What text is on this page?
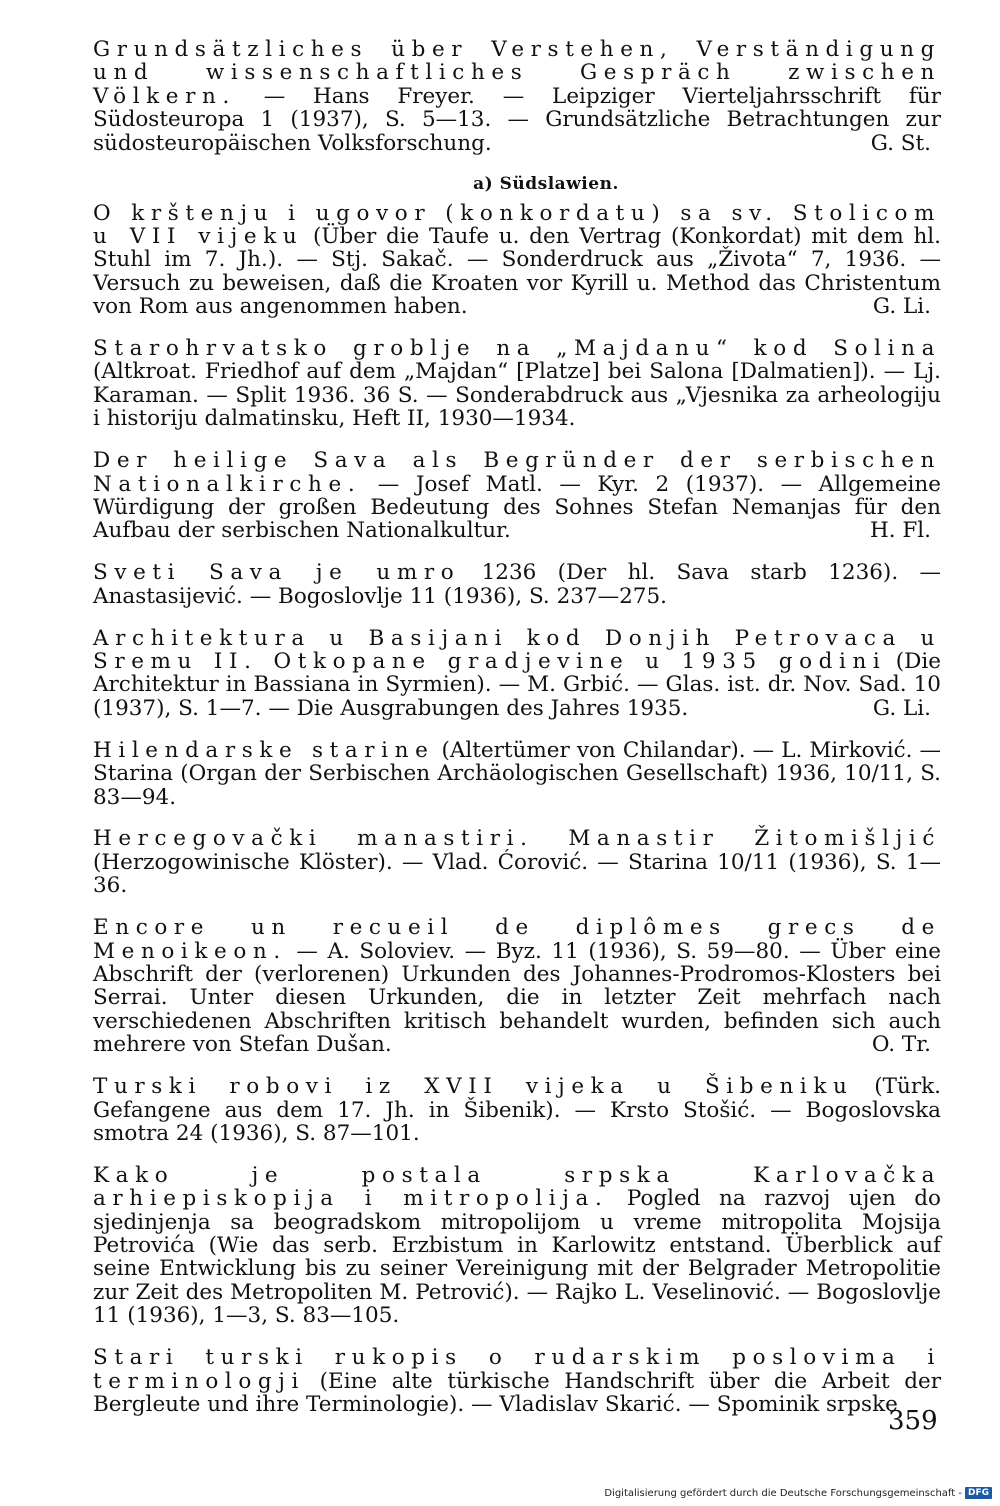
Grundsätzliches über Verstehen, Verständigung und wissenschaftliches Gespräch zwischen Völkern. — Hans Freyer. — Leipziger Vierteljahrsschrift für Südosteuropa 1 (1937), S. 5—13. — Grundsätzliche Betrachtungen zur südosteuropäischen Volksforschung.	G. St.
a) Südslawien.
O krštenju i ugovor (konkordatu) sa sv. Stolicom u VII vijeku (Über die Taufe u. den Vertrag (Konkordat) mit dem hl. Stuhl im 7. Jh.). — Stj. Sakač. — Sonderdruck aus „Života“ 7, 1936. — Versuch zu beweisen, daß die Kroaten vor Kyrill u. Method das Christentum von Rom aus angenommen haben.	G. Li.
Starohrvatsko groblje na „Majdanu“ kod Solina (Altkroat. Friedhof auf dem „Majdan“ [Platze] bei Salona [Dalmatien]). — Lj. Karaman. — Split 1936. 36 S. — Sonderabdruck aus „Vjesnika za arheologiju i historiju dalmatinsku, Heft II, 1930—1934.
Der heilige Sava als Begründer der serbischen Nationalkirche. — Josef Matl. — Kyr. 2 (1937). — Allgemeine Würdigung der großen Bedeutung des Sohnes Stefan Nemanjas für den Aufbau der serbischen Nationalkultur.	H. Fl.
Sveti Sava je umro 1236 (Der hl. Sava starb 1236). — Anastasijević. — Bogoslovlje 11 (1936), S. 237—275.
Architektura u Basijani kod Donjih Petrovaca u Sremu II. Otkopane gradjevine u 1935 godini (Die Architektur in Bassiana in Syrmien). — M. Grbić. — Glas. ist. dr. Nov. Sad. 10 (1937), S. 1—7. — Die Ausgrabungen des Jahres 1935.	G. Li.
Hilendarske starine (Altertümer von Chilandar). — L. Mirković. — Starina (Organ der Serbischen Archäologischen Gesellschaft) 1936, 10/11, S. 83—94.
Hercegovački manastiri. Manastir Žitomišljić (Herzogowinische Klöster). — Vlad. Ćorović. — Starina 10/11 (1936), S. 1—36.
Encore un recueil de diplômes grecs de Menoikeon. — A. Soloviev. — Byz. 11 (1936), S. 59—80. — Über eine Abschrift der (verlorenen) Urkunden des Johannes-Prodromos-Klosters bei Serrai. Unter diesen Urkunden, die in letzter Zeit mehrfach nach verschiedenen Abschriften kritisch behandelt wurden, befinden sich auch mehrere von Stefan Dušan.	O. Tr.
Turski robovi iz XVII vijeka u Šibeniku (Türk. Gefangene aus dem 17. Jh. in Šibenik). — Krsto Stošić. — Bogoslovska smotra 24 (1936), S. 87—101.
Kako je postala srpska Karlovačka arhiepiskopija i mitropolija. Pogled na razvoj ujen do sjedinjenja sa beogradskom mitropolijom u vreme mitropolita Mojsija Petrovića (Wie das serb. Erzbistum in Karlowitz entstand. Überblick auf seine Entwicklung bis zu seiner Vereinigung mit der Belgrader Metropolitie zur Zeit des Metropoliten M. Petrović). — Rajko L. Veselinović. — Bogoslovlje 11 (1936), 1—3, S. 83—105.
Stari turski rukopis o rudarskim poslovima i terminologji (Eine alte türkische Handschrift über die Arbeit der Bergleute und ihre Terminologie). — Vladislav Skarić. — Spominik srpske
359
Digitalisierung gefördert durch die Deutsche Forschungsgemeinschaft - DFG
